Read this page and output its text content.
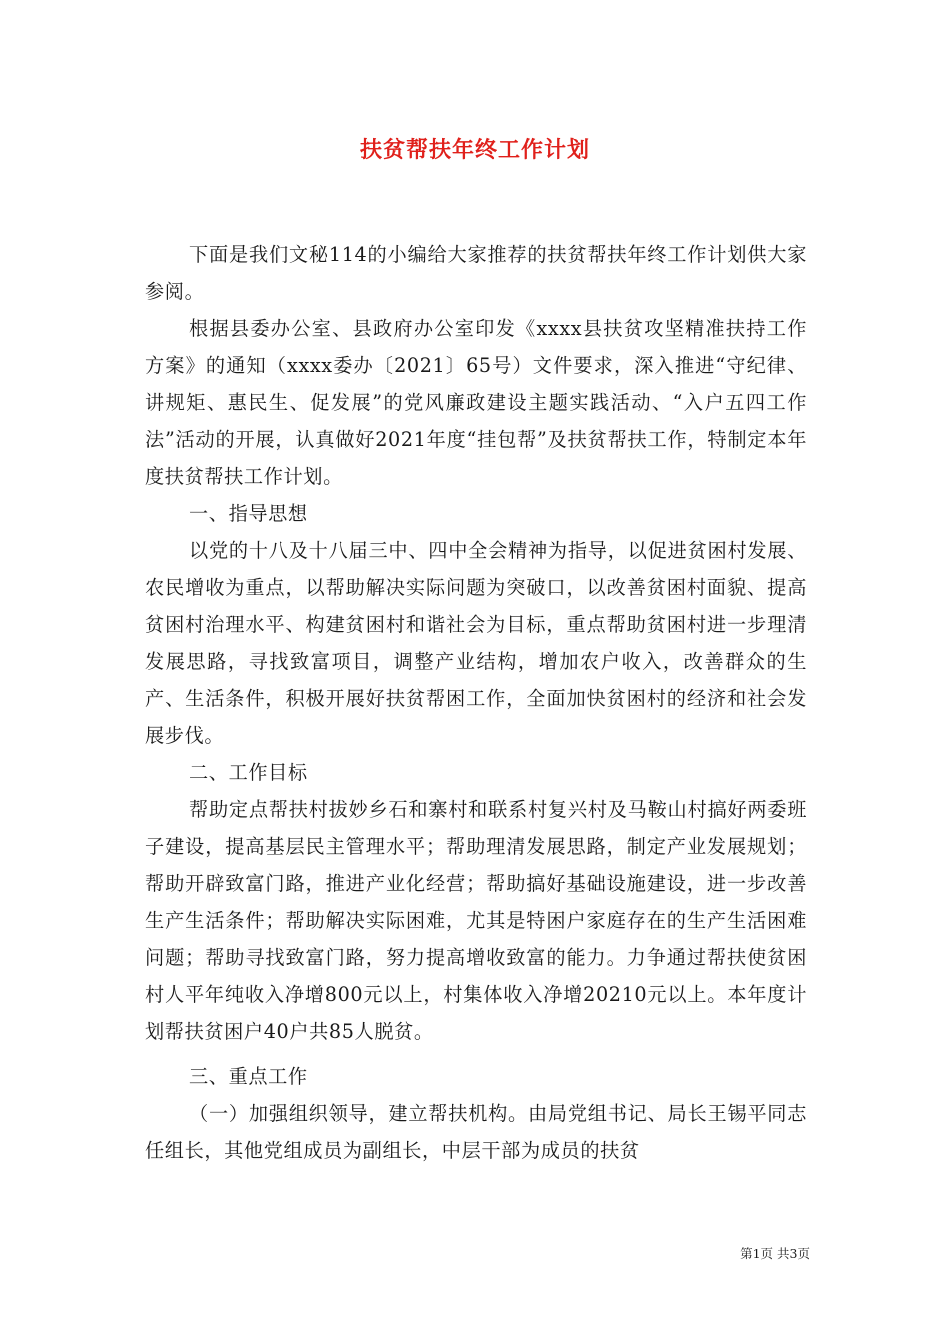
扶贫帮扶年终工作计划

下面是我们文秘114的小编给大家推荐的扶贫帮扶年终工作计划供大家参阅。

根据县委办公室、县政府办公室印发《xxxx县扶贫攻坚精准扶持工作方案》的通知（xxxx委办〔2021〕65号）文件要求，深入推进“守纪律、讲规矩、惠民生、促发展”的党风廉政建设主题实践活动、“入户五四工作法”活动的开展，认真做好2021年度“挂包帮”及扶贫帮扶工作，特制定本年度扶贫帮扶工作计划。

一、指导思想

以党的十八及十八届三中、四中全会精神为指导，以促进贫困村发展、农民增收为重点，以帮助解决实际问题为突破口，以改善贫困村面貌、提高贫困村治理水平、构建贫困村和谐社会为目标，重点帮助贫困村进一步理清发展思路，寻找致富项目，调整产业结构，增加农户收入，改善群众的生产、生活条件，积极开展好扶贫帮困工作，全面加快贫困村的经济和社会发展步伐。

二、工作目标

帮助定点帮扶村拔妙乡石和寨村和联系村复兴村及马鞍山村搞好两委班子建设，提高基层民主管理水平；帮助理清发展思路，制定产业发展规划；帮助开辟致富门路，推进产业化经营；帮助搞好基础设施建设，进一步改善生产生活条件；帮助解决实际困难，尤其是特困户家庭存在的生产生活困难问题；帮助寻找致富门路，努力提高增收致富的能力。力争通过帮扶使贫困村人平年纯收入净增800元以上，村集体收入净增20210元以上。本年度计划帮扶贫困户40户共85人脱贫。

三、重点工作

（一）加强组织领导，建立帮扶机构。由局党组书记、局长王锡平同志任组长，其他党组成员为副组长，中层干部为成员的扶贫

第1页 共3页
